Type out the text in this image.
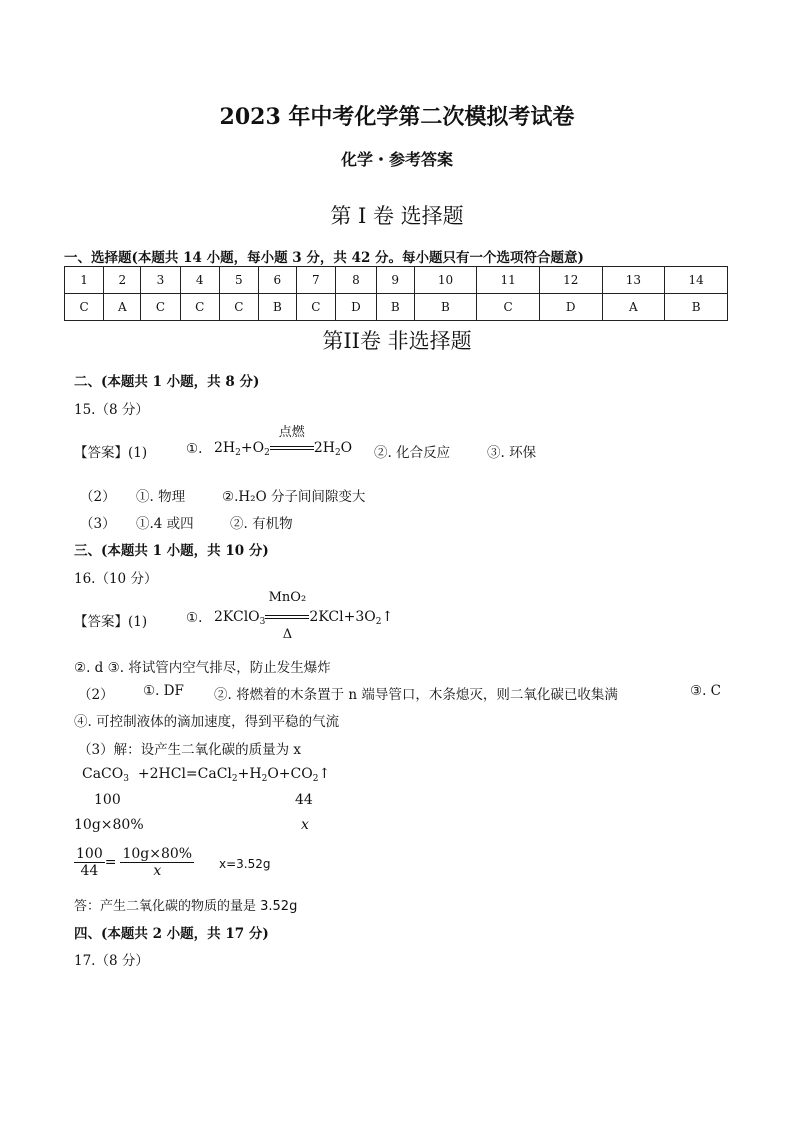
2023 年中考化学第二次模拟考试卷
化学・参考答案
第 I 卷 选择题
一、选择题(本题共 14 小题，每小题 3 分，共 42 分。每小题只有一个选项符合题意)
1	2	3	4	5	6	7	8	9	10	11	12	13	14
C	A	C	C	C	B	C	D	B	B	C	D	A	B
第II卷 非选择题
二、(本题共 1 小题，共 8 分)
15.（8 分）
【答案】(1)	①. $2H_2+O_2$
点燃
$2H_2O$ ②. 化合反应	③. 环保
（2） ①. 物理	②.H₂O 分子间间隙变大
（3） ①.4 或四	②. 有机物
三、(本题共 1 小题，共 10 分)
16.（10 分）
【答案】(1)	①. 2KClO$_3$
MnO₂
Δ
$2KCl+3O_2↑$
②. d ③. 将试管内空气排尽，防止发生爆炸
（2） ①. DF ②. 将燃着的木条置于 n 端导管口，木条熄灭，则二氧化碳已收集满	③. C
④. 可控制液体的滴加速度，得到平稳的气流
（3）解：设产生二氧化碳的质量为 x
CaCO$_3$  $+2HCl=CaCl_2+H_2O+CO_2↑$
100	44
10g×80%	x
$\frac{100}{44} = \frac{10g\times 80\%}{x} x=3.52g$
答：产生二氧化碳的物质的量是 3.52g
四、(本题共 2 小题，共 17 分)
17.（8 分）
